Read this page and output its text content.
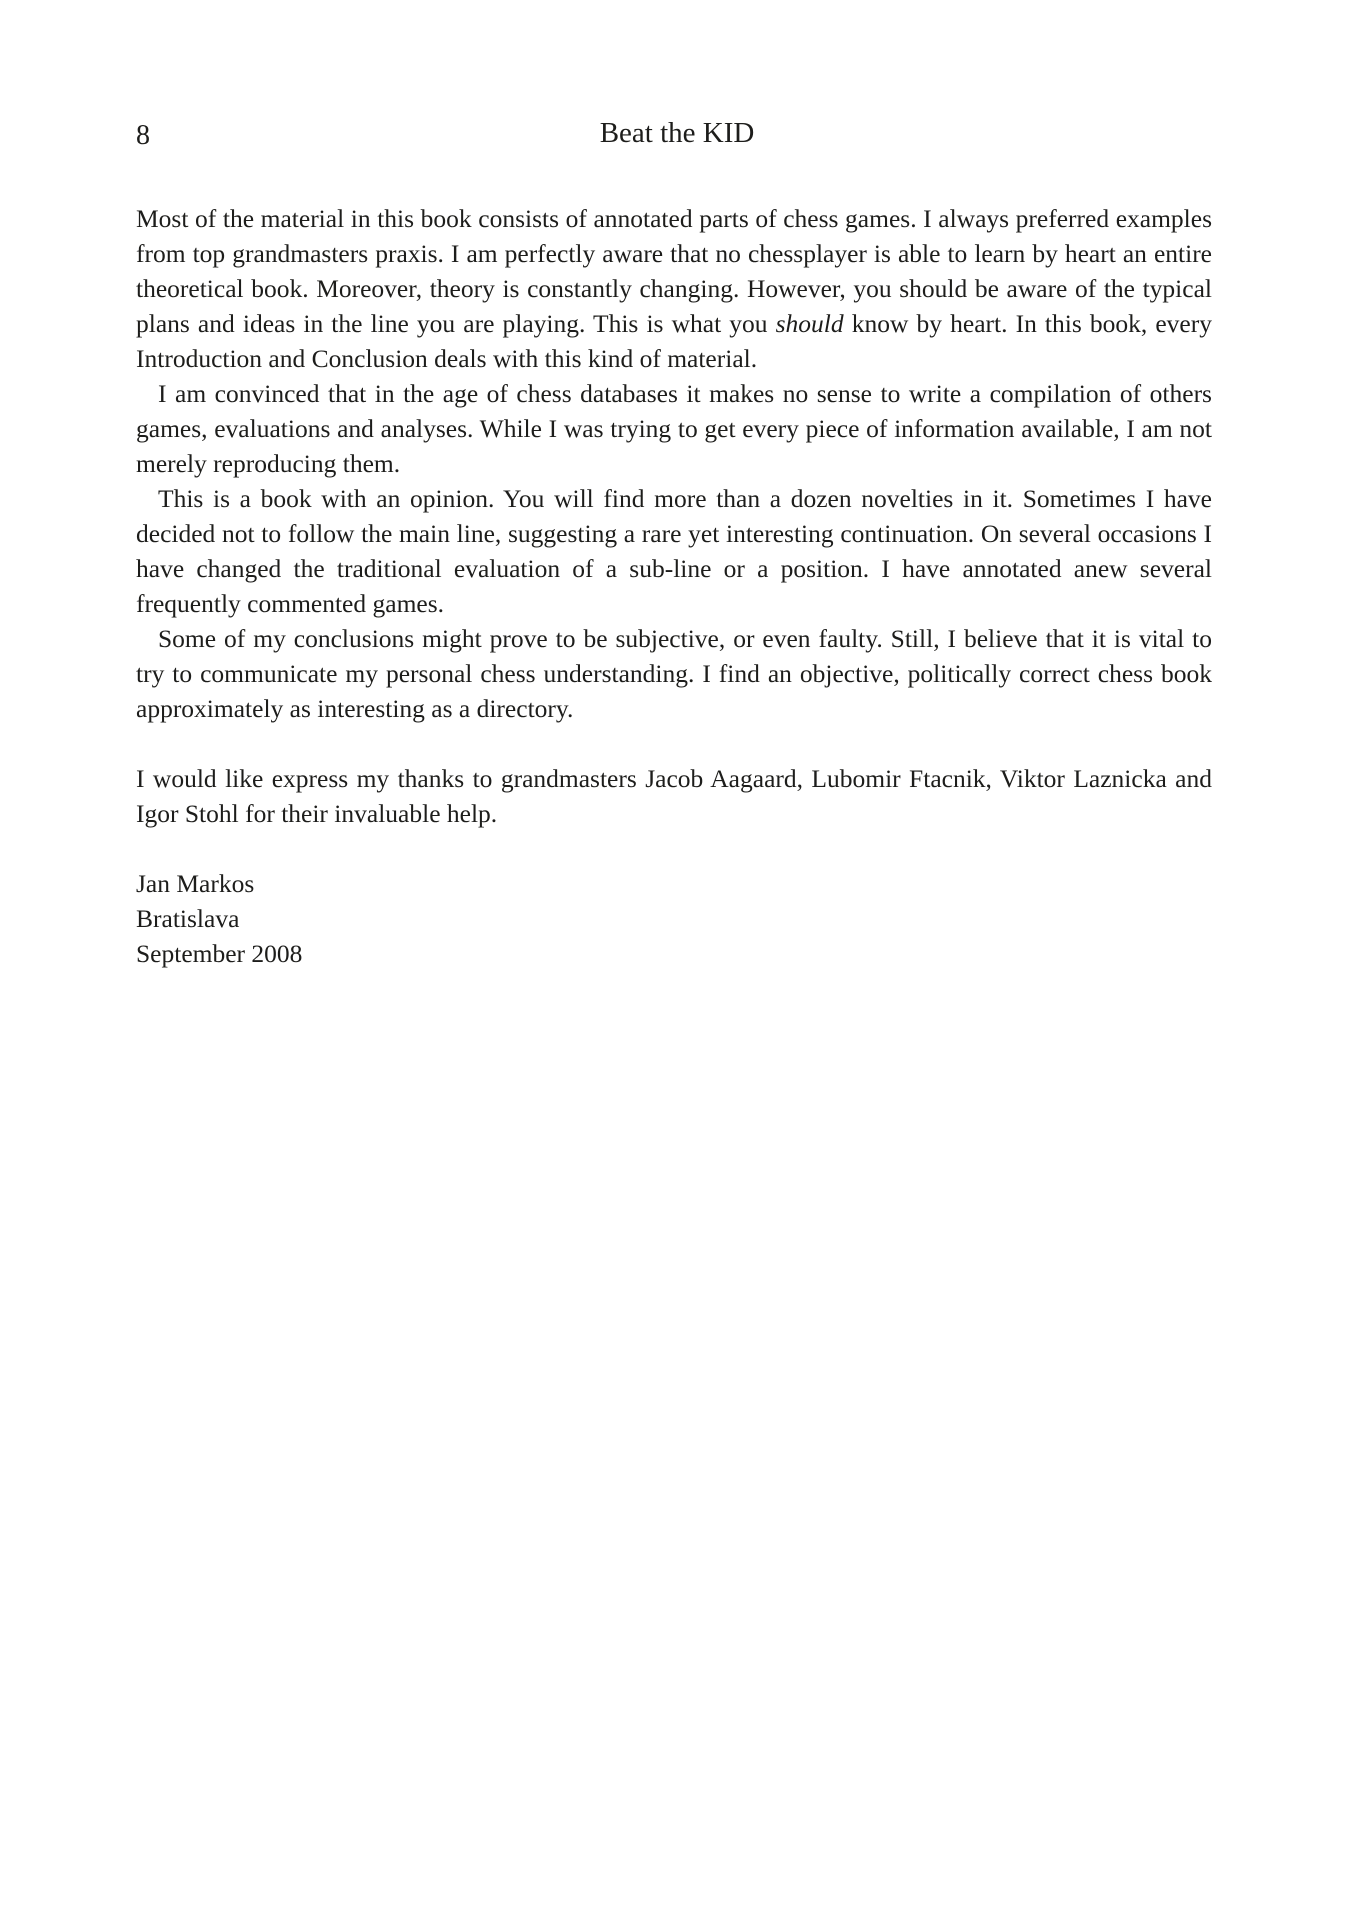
8	Beat the KID

Most of the material in this book consists of annotated parts of chess games. I always preferred examples from top grandmasters praxis. I am perfectly aware that no chessplayer is able to learn by heart an entire theoretical book. Moreover, theory is constantly changing. However, you should be aware of the typical plans and ideas in the line you are playing. This is what you should know by heart. In this book, every Introduction and Conclusion deals with this kind of material.

I am convinced that in the age of chess databases it makes no sense to write a compilation of others games, evaluations and analyses. While I was trying to get every piece of information available, I am not merely reproducing them.

This is a book with an opinion. You will find more than a dozen novelties in it. Sometimes I have decided not to follow the main line, suggesting a rare yet interesting continuation. On several occasions I have changed the traditional evaluation of a sub-line or a position. I have annotated anew several frequently commented games.

Some of my conclusions might prove to be subjective, or even faulty. Still, I believe that it is vital to try to communicate my personal chess understanding. I find an objective, politically correct chess book approximately as interesting as a directory.

I would like express my thanks to grandmasters Jacob Aagaard, Lubomir Ftacnik, Viktor Laznicka and Igor Stohl for their invaluable help.

Jan Markos

Bratislava

September 2008
